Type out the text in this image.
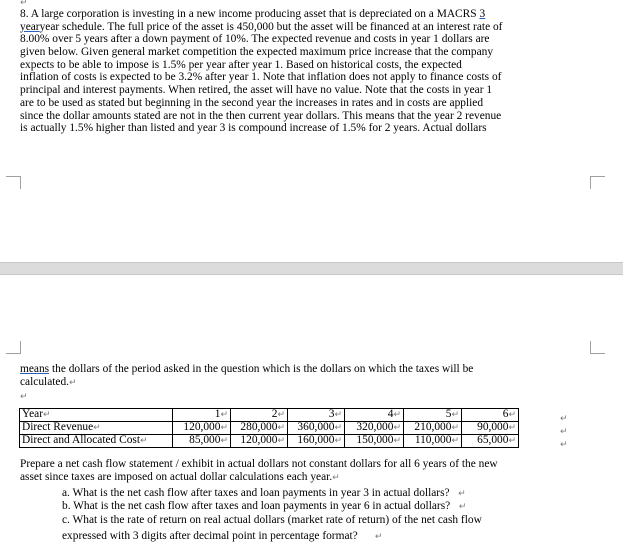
↵
8. A large corporation is investing in a new income producing asset that is depreciated on a MACRS 3
yearyear schedule. The full price of the asset is 450,000 but the asset will be financed at an interest rate of
8.00% over 5 years after a down payment of 10%. The expected revenue and costs in year 1 dollars are
given below. Given general market competition the expected maximum price increase that the company
expects to be able to impose is 1.5% per year after year 1. Based on historical costs, the expected
inflation of costs is expected to be 3.2% after year 1. Note that inflation does not apply to finance costs of
principal and interest payments. When retired, the asset will have no value. Note that the costs in year 1
are to be used as stated but beginning in the second year the increases in rates and in costs are applied
since the dollar amounts stated are not in the then current year dollars. This means that the year 2 revenue
is actually 1.5% higher than listed and year 3 is compound increase of 1.5% for 2 years. Actual dollars
means the dollars of the period asked in the question which is the dollars on which the taxes will be
calculated.↵
↵
Year↵	1↵	2↵	3↵	4↵	5↵	6↵
Direct Revenue↵	120,000↵	280,000↵	360,000↵	320,000↵	210,000↵	90,000↵
Direct and Allocated Cost↵	85,000↵	120,000↵	160,000↵	150,000↵	110,000↵	65,000↵
↵
↵
↵
Prepare a net cash flow statement / exhibit in actual dollars not constant dollars for all 6 years of the new
asset since taxes are imposed on actual dollar calculations each year.↵
a. What is the net cash flow after taxes and loan payments in year 3 in actual dollars? ↵
b. What is the net cash flow after taxes and loan payments in year 6 in actual dollars? ↵
c. What is the rate of return on real actual dollars (market rate of return) of the net cash flow
expressed with 3 digits after decimal point in percentage format? ↵
